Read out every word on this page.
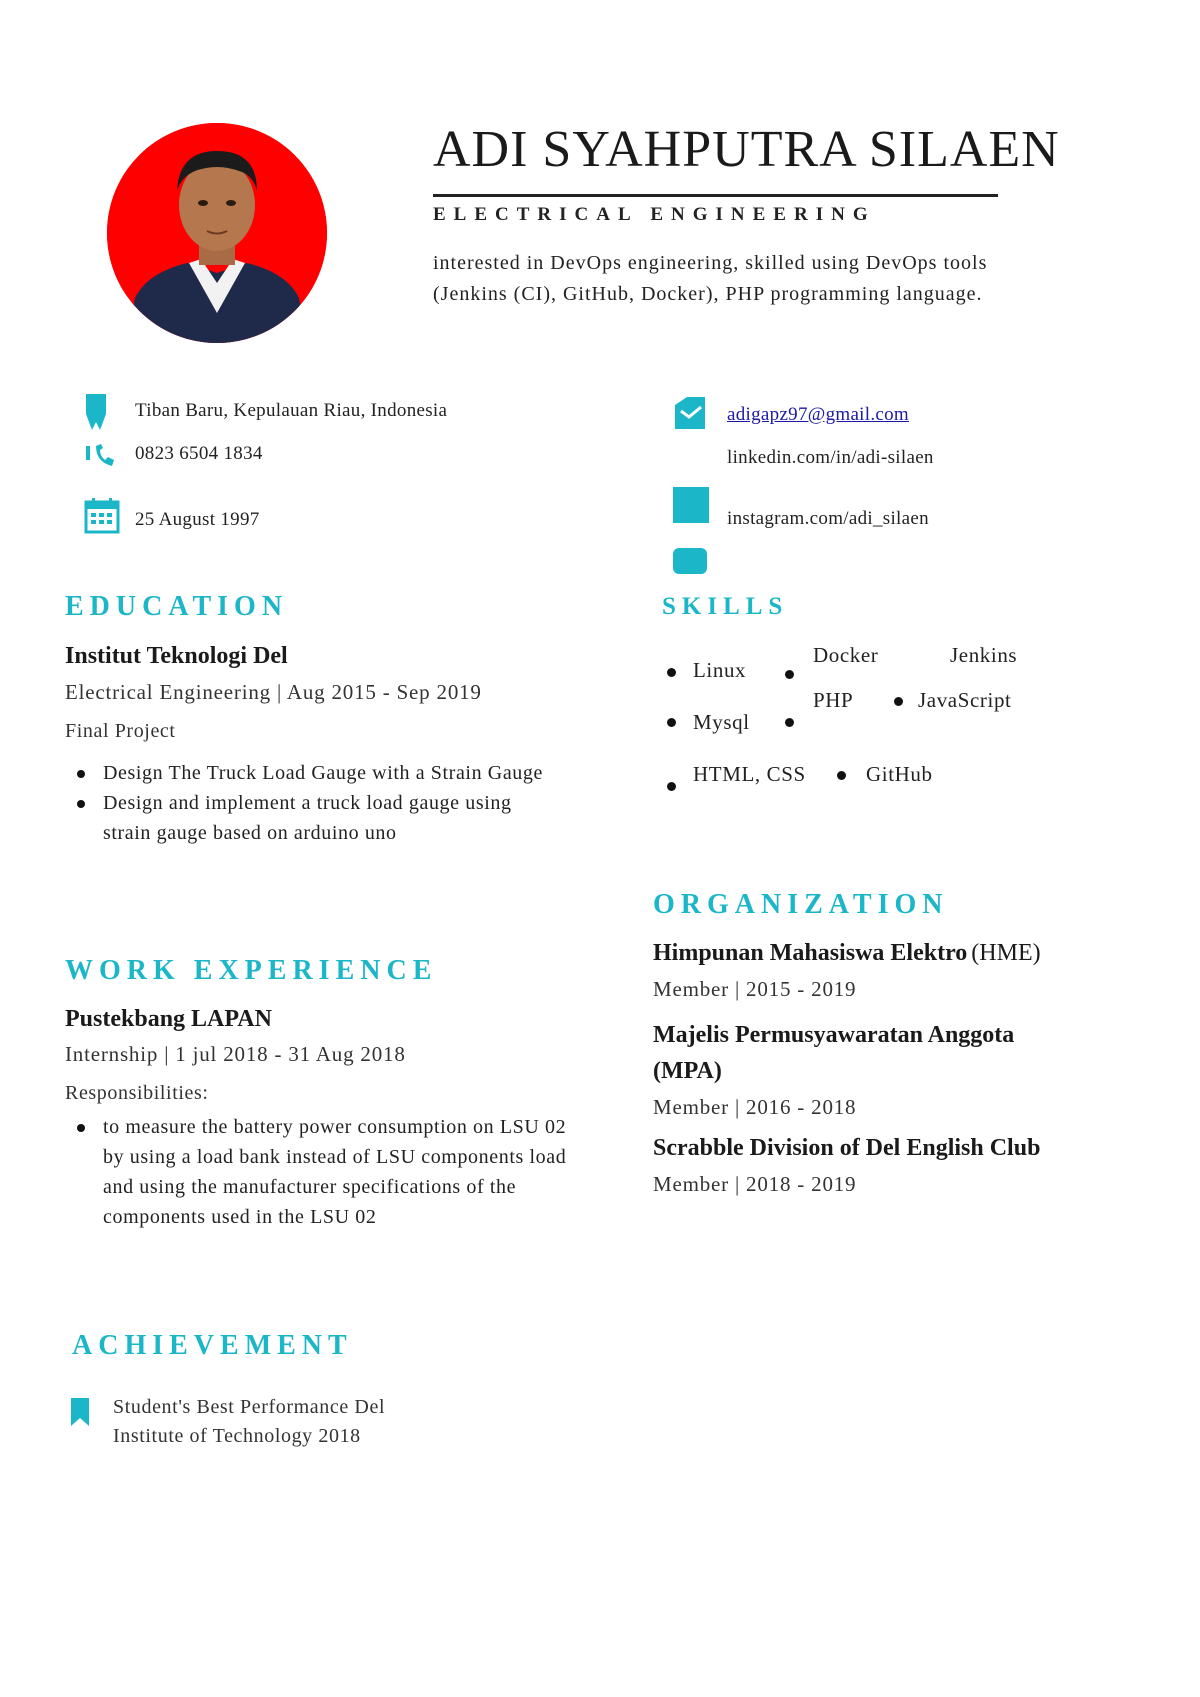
ADI SYAHPUTRA SILAEN
ELECTRICAL ENGINEERING
interested in DevOps engineering, skilled using DevOps tools (Jenkins (CI), GitHub, Docker), PHP programming language.
Tiban Baru, Kepulauan Riau, Indonesia
0823 6504 1834
25 August 1997
adigapz97@gmail.com
linkedin.com/in/adi-silaen
instagram.com/adi_silaen
EDUCATION
Institut Teknologi Del
Electrical Engineering | Aug 2015 - Sep 2019
Final Project
Design The Truck Load Gauge with a Strain Gauge
Design and implement a truck load gauge using strain gauge based on arduino uno
WORK EXPERIENCE
Pustekbang LAPAN
Internship | 1 jul 2018 - 31 Aug 2018
Responsibilities:
to measure the battery power consumption on LSU 02 by using a load bank instead of LSU components load and using the manufacturer specifications of the components used in the LSU 02
ACHIEVEMENT
Student's Best Performance Del Institute of Technology 2018
SKILLS
Linux
Docker	Jenkins
PHP	JavaScript
Mysql
HTML, CSS	GitHub
ORGANIZATION
Himpunan Mahasiswa Elektro (HME)
Member | 2015 - 2019
Majelis Permusyawaratan Anggota
(MPA)
Member | 2016 - 2018
Scrabble Division of Del English Club
Member | 2018 - 2019
